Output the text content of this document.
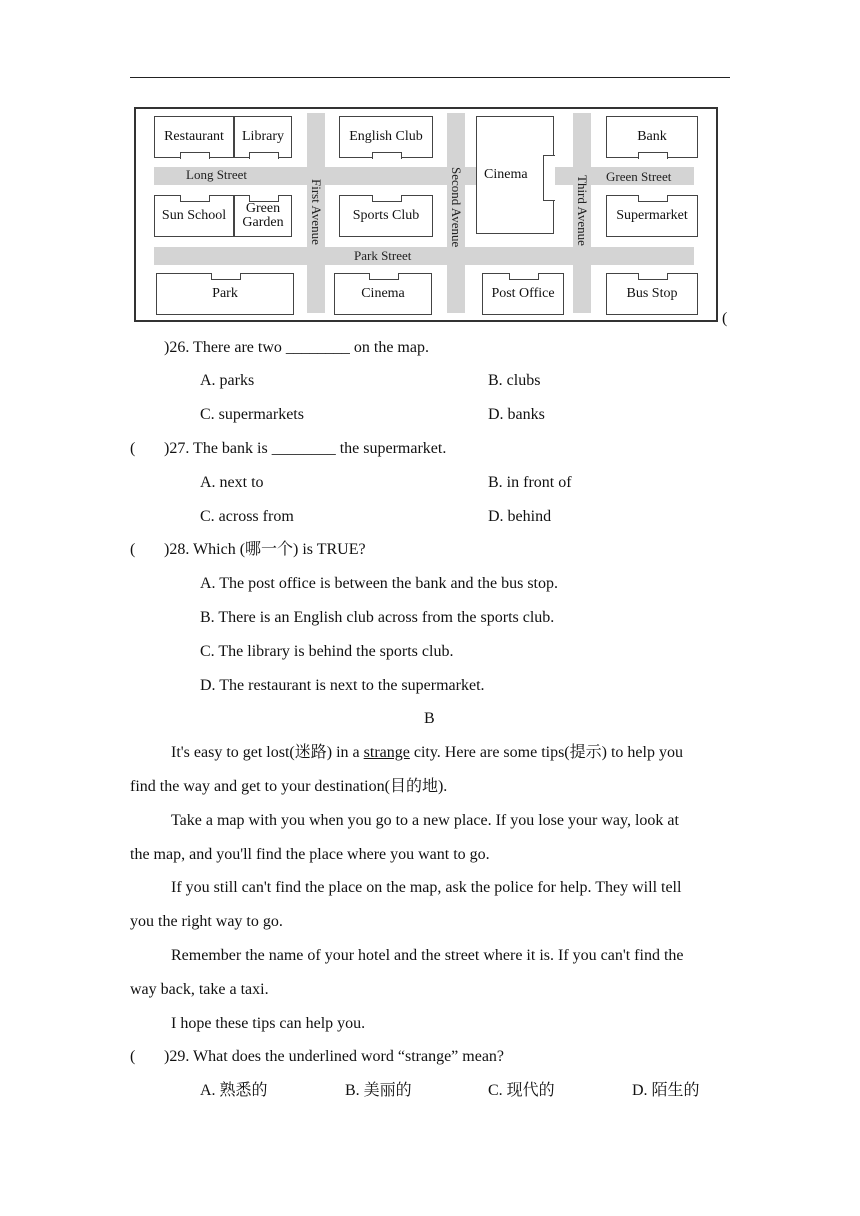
Long Street
Park Street
Green Street
First Avenue	Second Avenue	Third Avenue
Restaurant Library	English Club
Cinema
Bank
Sun School Green
Garden	Sports Club	Supermarket
Park	Cinema	Post Office	Bus Stop
(
)26. There are two ________ on the map.
A. parks	B. clubs
C. supermarkets	D. banks
( )27. The bank is ________ the supermarket.
A. next to	B. in front of
C. across from	D. behind
( )28. Which (哪一个) is TRUE?
A. The post office is between the bank and the bus stop.
B. There is an English club across from the sports club.
C. The library is behind the sports club.
D. The restaurant is next to the supermarket.
B
It's easy to get lost(迷路) in a strange city. Here are some tips(提示) to help you
find the way and get to your destination(目的地).
Take a map with you when you go to a new place. If you lose your way, look at
the map, and you'll find the place where you want to go.
If you still can't find the place on the map, ask the police for help. They will tell
you the right way to go.
Remember the name of your hotel and the street where it is. If you can't find the
way back, take a taxi.
I hope these tips can help you.
( )29. What does the underlined word “strange” mean?
A. 熟悉的	B. 美丽的	C. 现代的	D. 陌生的
